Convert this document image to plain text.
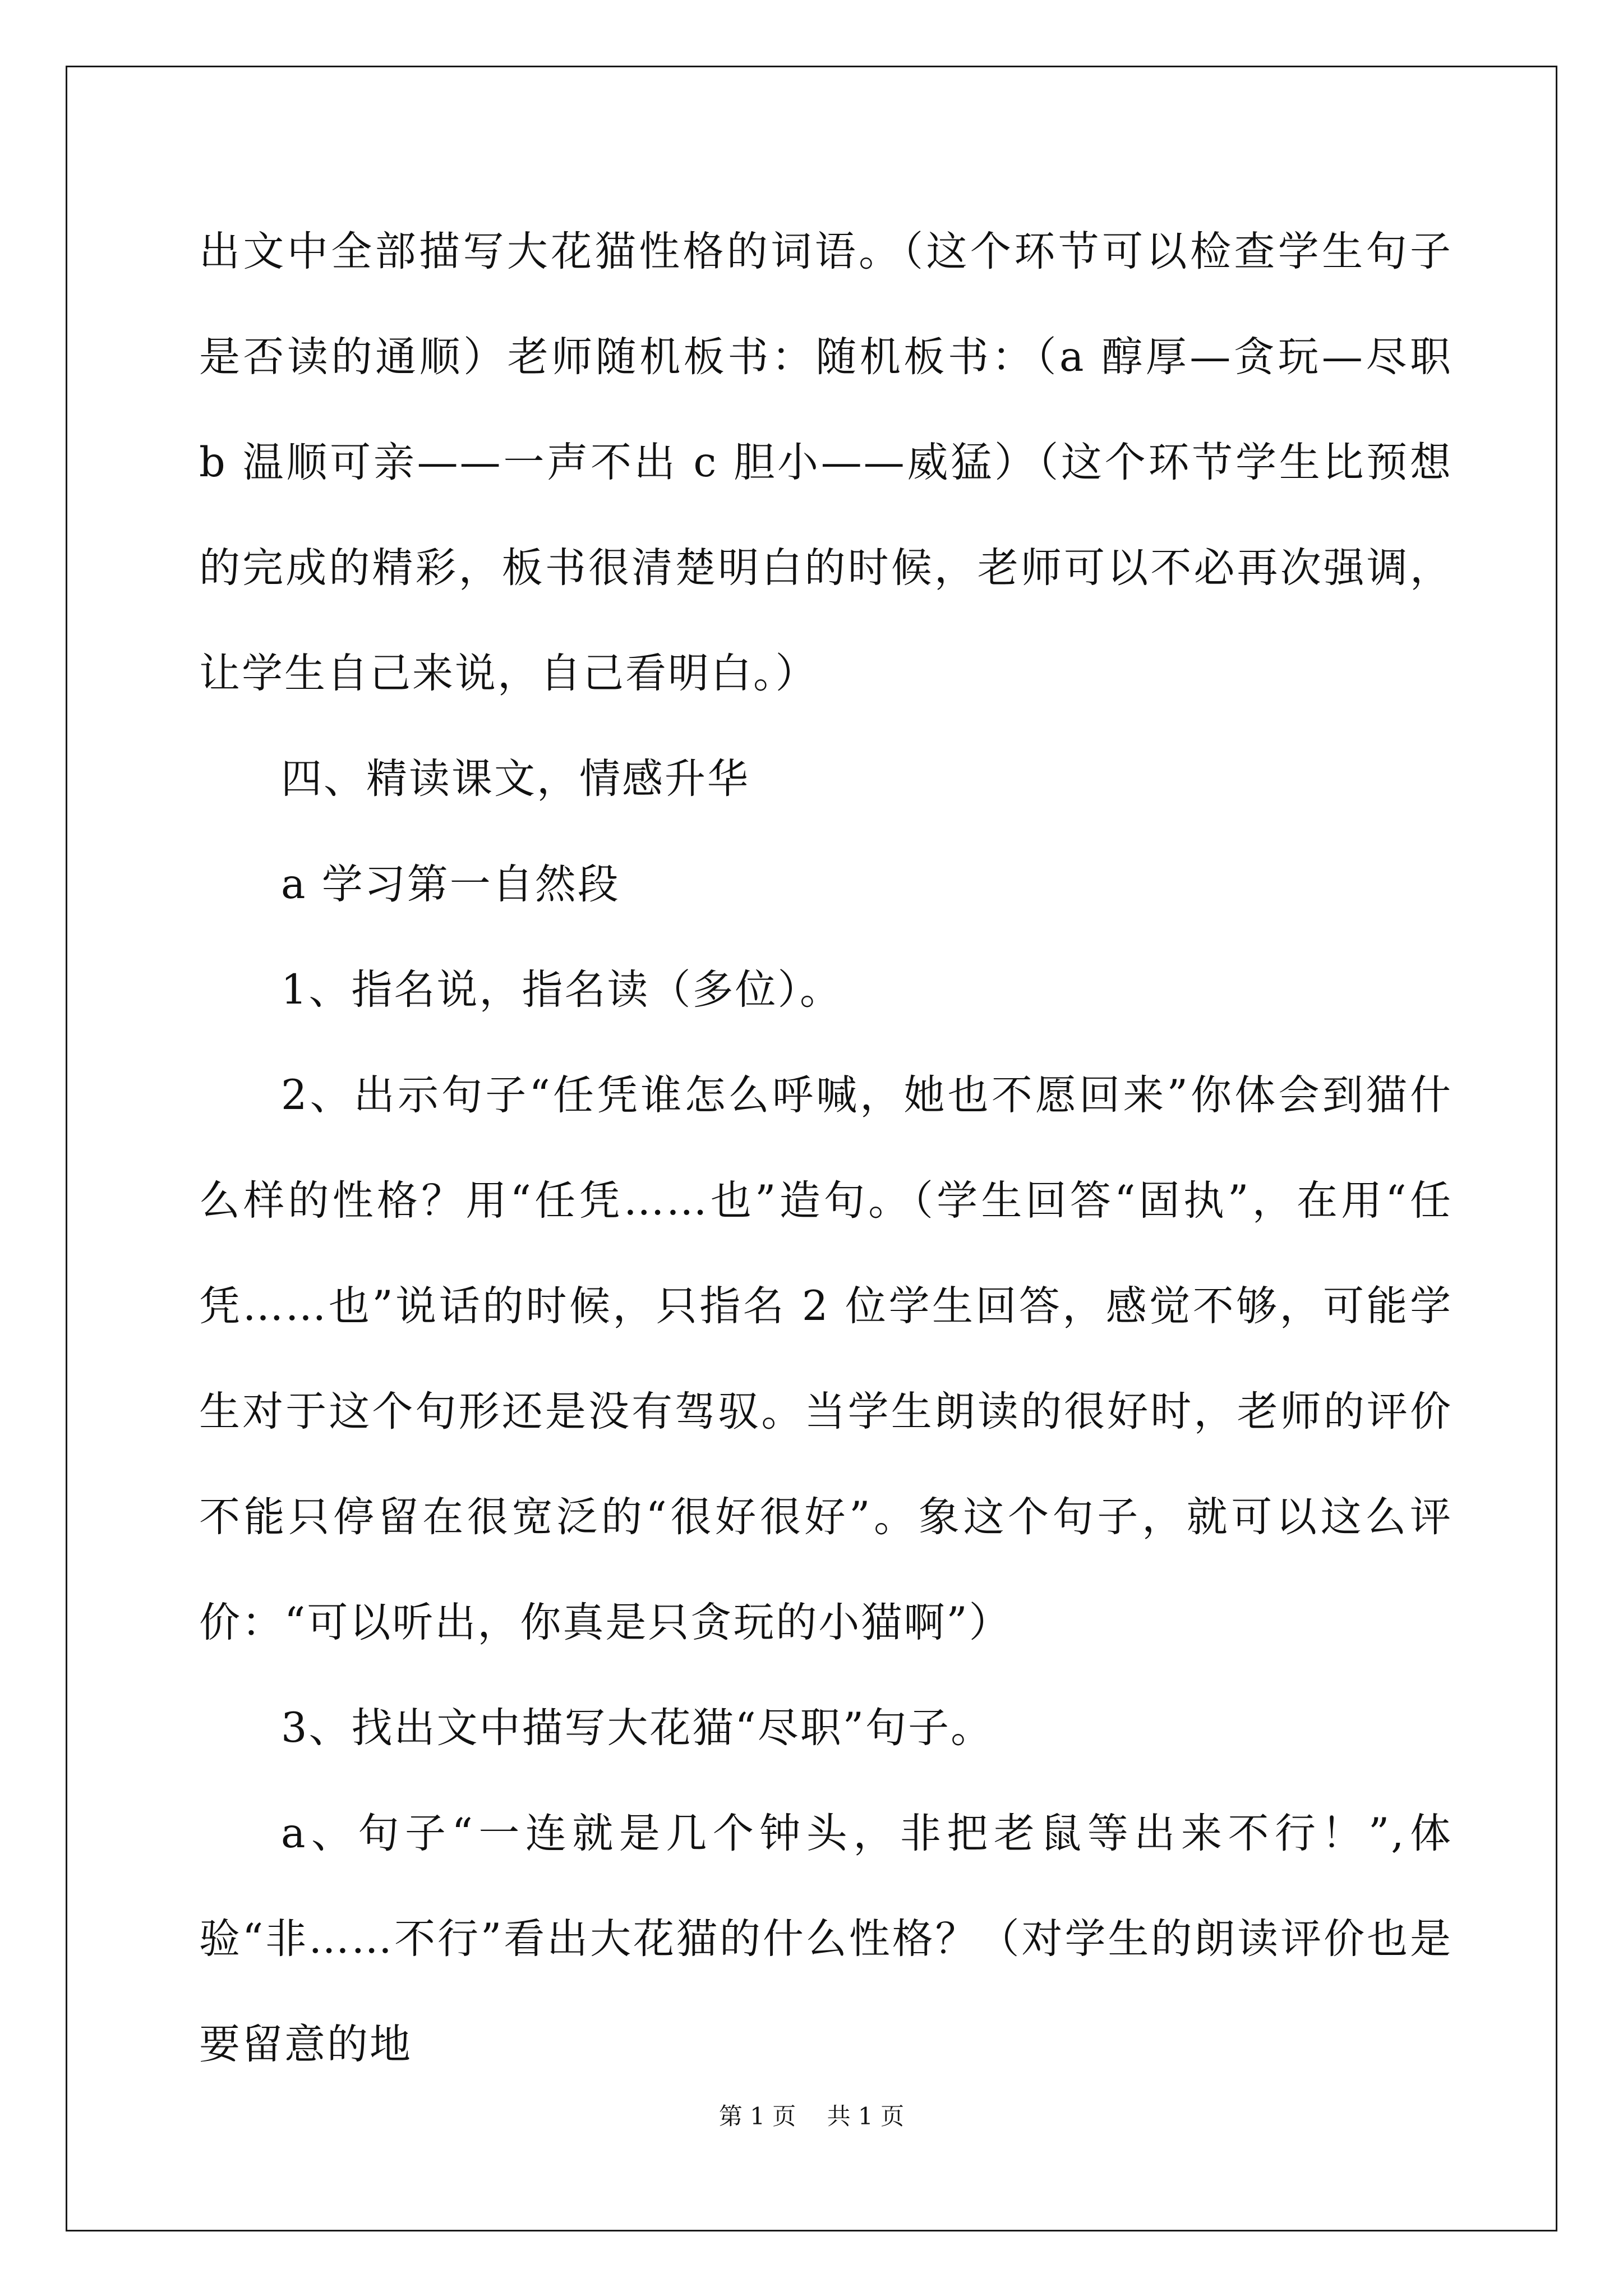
出文中全部描写大花猫性格的词语。（这个环节可以检查学生句子是否读的通顺）老师随机板书：随机板书：（a 醇厚—贪玩—尽职 b 温顺可亲——一声不出 c 胆小——威猛）（这个环节学生比预想的完成的精彩，板书很清楚明白的时候，老师可以不必再次强调，让学生自己来说，自己看明白。）

四、精读课文，情感升华

a 学习第一自然段

1、指名说，指名读（多位）。

2、出示句子“任凭谁怎么呼喊，她也不愿回来”你体会到猫什么样的性格？用“任凭……也”造句。（学生回答“固执”，在用“任凭……也”说话的时候，只指名 2 位学生回答，感觉不够，可能学生对于这个句形还是没有驾驭。当学生朗读的很好时，老师的评价不能只停留在很宽泛的“很好很好”。象这个句子，就可以这么评价：“可以听出，你真是只贪玩的小猫啊”）

3、找出文中描写大花猫“尽职”句子。

a、句子“一连就是几个钟头，非把老鼠等出来不行！”,体验“非……不行”看出大花猫的什么性格？（对学生的朗读评价也是要留意的地

第 1 页 共 1 页
